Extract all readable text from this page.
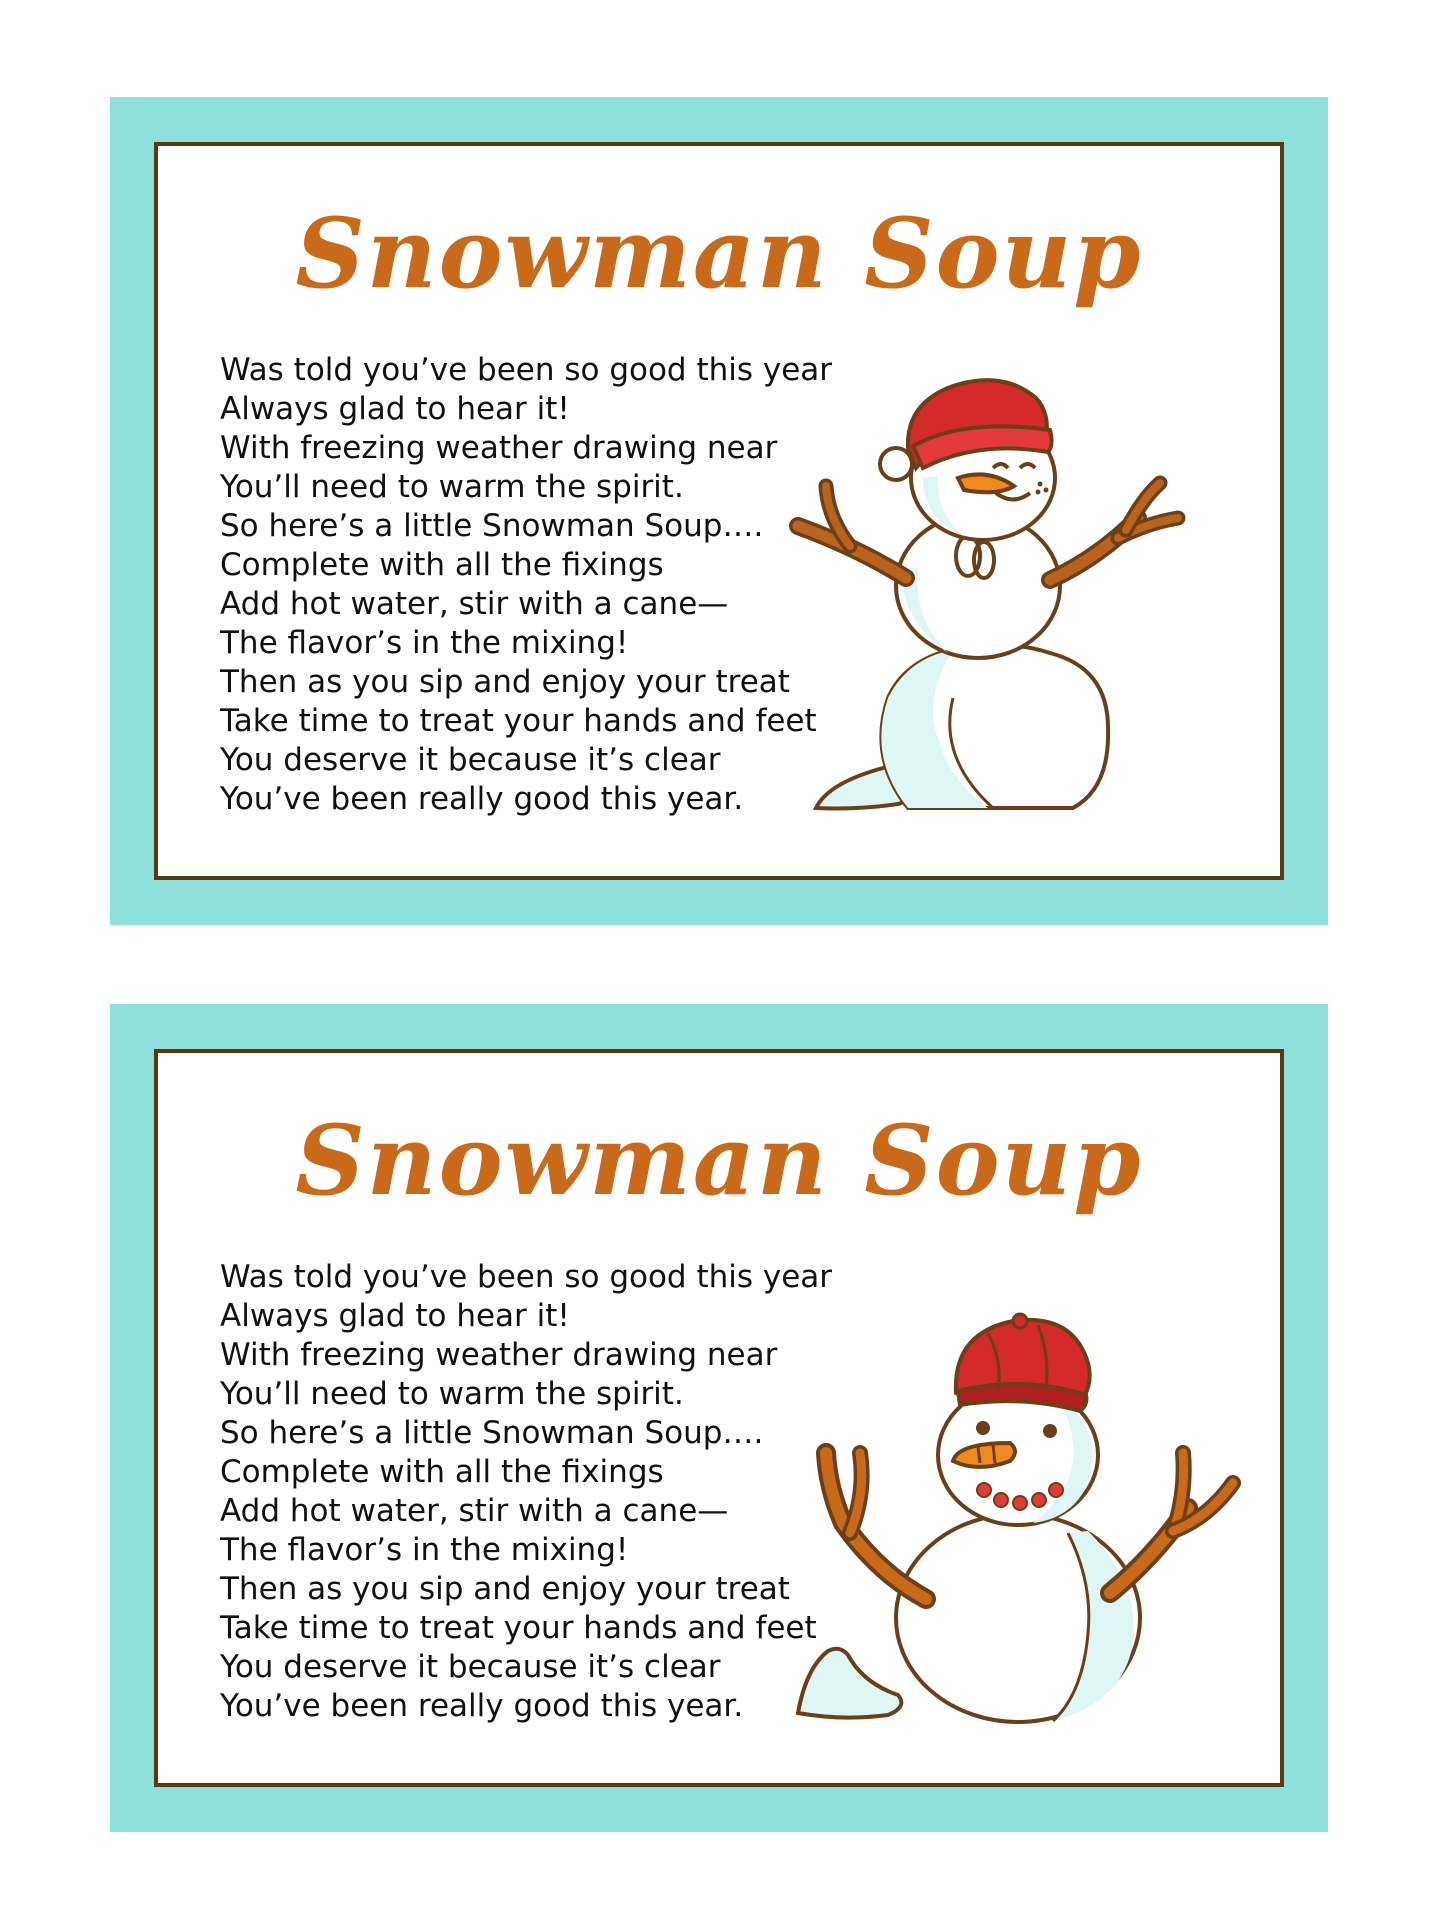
Snowman Soup
Was told you’ve been so good this year
Always glad to hear it!
With freezing weather drawing near
You’ll need to warm the spirit.
So here’s a little Snowman Soup….
Complete with all the fixings
Add hot water, stir with a cane—
The flavor’s in the mixing!
Then as you sip and enjoy your treat
Take time to treat your hands and feet
You deserve it because it’s clear
You’ve been really good this year.
Snowman Soup
Was told you’ve been so good this year
Always glad to hear it!
With freezing weather drawing near
You’ll need to warm the spirit.
So here’s a little Snowman Soup….
Complete with all the fixings
Add hot water, stir with a cane—
The flavor’s in the mixing!
Then as you sip and enjoy your treat
Take time to treat your hands and feet
You deserve it because it’s clear
You’ve been really good this year.
